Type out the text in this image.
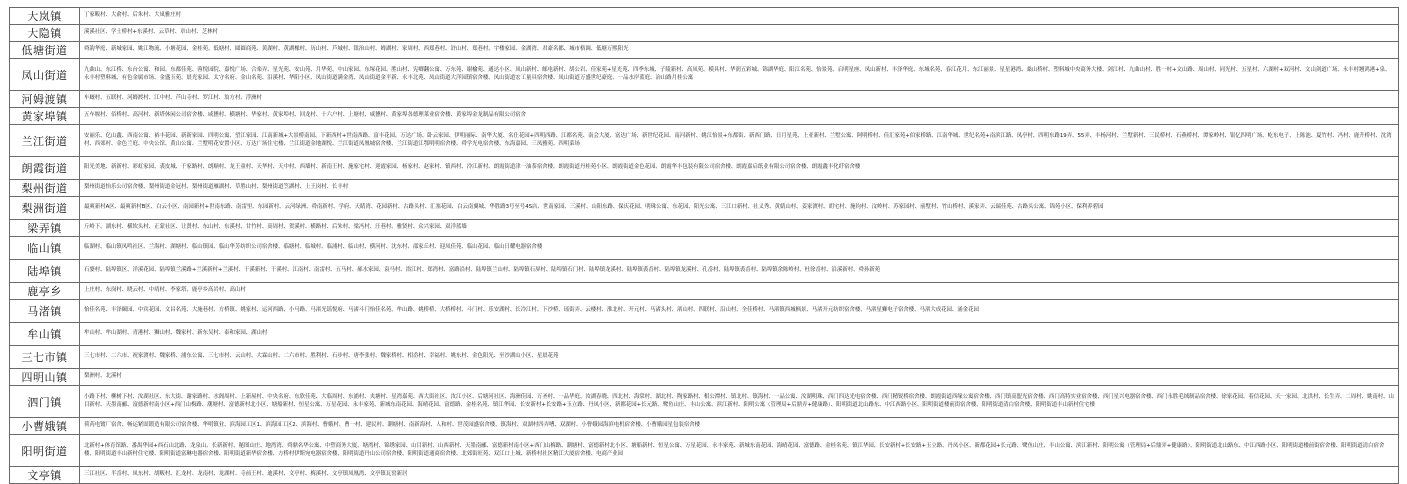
大岚镇	丁家畈村、大俞村、后朱村、大岚雅庄村
大隐镇	溪溪社区、学士桥村+东溪村、云草村、章山村、芝林村
低塘街道	舜韵华庭、新城家园、姚江物流、小塘花园、金桂苑、低塘村、圆圆商苑、黄湖村、黄湖橡村、历山村、芦城村、银治山村、姆湖村、家周村、西郑巷村、浒山村、郑巷村、宇楼家园、金湖湾、君豪名都、城市格调、低塘万熙阳光
凤山街道	九曲山、东江桥、东台公寓、和园、东都佳苑、蓉悦园院、嘉悦广场、合楽弄、星光苑、安山苑、月华苑、中山家园、东塚花园、胜山村、宪卿翻公寓、万东苑、谢榆苑、通达小区、凤山新村、邮电新村、胡公岩、佳家苑+星光苑、四季东城、子陵新村、高凤苑、模具村、华润五彩城、锦湖华庭、阳江名苑、怡景苑、启明星座、凤山新村、丰泽华庭、东城名苑、春江花月、东江丽景、星星港湾、桑山桥村、塑料城中央商务大楼、剑江村、九曲山村、胜一村+文山路、周山村、同光村、五星村、六湖村+双河村、文山剑道广场、永丰村翘鸿港+泉、永丰村塑料城、有色金属市场、金盛玉苑、晨光家园、太守名府、金山名苑、沿溪村、华阳小区、凤山街道满金湾、凤山街道金平新、永丰北苑、凤山街道大洋园镇宿舍楼、凤山街道宏工量具宿舍楼、凤山街道万盛世纪豪庭、一品水岸蓝庭、冶山路月桂公寓
河姆渡镇	车厩村、五联村、河姆渡村、江中村、芦山寺村、罗江村、翁方村、浮洲村
黄家埠镇	五车堰村、佰桥村、高河村、新塔休闲公司宿舍楼、咸獯村、横塘村、华家村、黄家埠村、回龙村、十六户村、上塘村、咸獯村、黄家埠各德理莱业宿舍楼、黄家埠金龙制品有限公司宿舍
兰江街道	安丽乐、亿山鑫、西南公寓、裕丰花园、新新家园、四明公寓、望江家园、江南新城+大景桥南园、下新西村+世南西路、富丰花园、万达广场、卧云家园、伊明丽际、南华大厦、名仕花园+四明西路、江都名苑、南会大厦、富达广场、新世纪花园、南河新村、姚江怡景+东都街、新西门路、日月星苑、上亚新村、兰墅公寓、阿明桥村、佳汇家苑+伯家桥路、江南华城、世纪名苑+南滨江路、凤亭村、四明东路19弄、55弄、丰杨河村、兰墅新村、三民桥村、石燕桥村、谭家岭村、银亿四明广场、屹东电子、上陈池、夏竹村、冯村、鹿升桥村、沈湾村、西郊村、金色兰庭、中央公馆、黄山公寓、兰墅明花安置小区、万达广场住宅楼、兰江街道金地湖悦、兰江街道凤凰城宿舍楼、兰江街道江鄂明明宿舍楼、舜学光电宿舍楼、东海嘉园、三凤雅苑、四明菜场
朗霞街道	阳光美地、新新村、彩虹家园、裘皮城、千家路村、朗顺村、龙王童村、天华村、天中村、西墙村、新南王村、施家宅村、迎霞家园、杨家村、赵家村、镇西村、泠江新村、朗霞街道津一油茶宿舍楼、朗霞街道丹桂苑小区、朗霞街道金色花园、朗霞华丰包装有限公司宿舍楼、朗霞嘉启纸业有限公司宿舍楼、朗霞鑫丰化纤宿舍楼
梨州街道	梨州街道怡乐公司宿舍楼、梨州街道金冠村、梨州街道雁湖村、草胜山村、梨州街道笠湖村、上王岗村、长丰村
梨洲街道	最爽新村A区、最爽新村B区、白云小区、南园新村+世南东路、南雷里、东园新村、云河绿洲、舜南新村、学府、天睛湾、花园新村、古路头村、汇塞花园、白云南翼城、华胜路3号至号4S店、世南家园、三溪村、山阳东路、保庆花园、明珠公寓、东花园、阳光公寓、三江口新村、社义秀、黄婧山村、姜家渡村、胡宅村、施钧村、汶岭村、苏家园村、前墅村、竹山桥村、溪家弄、云瑞佳苑、古路头公寓、锦苑小区、保利养碧园
梁弄镇	斤岭下、湖东村、横坎头村、正蒙社区、让贤村、东山村、东溪村、甘竹村、高周村、贺溪村、横路村、后朱村、梁冯村、汪巷村、雅贤村、众兴家园、双洋蓝墙
临山镇	临湖村、临山镇凤鸣社区、兰海村、湖塘村、临山镇园、临山华芳纺织公司宿舍楼、临塘村、临城村、临浦村、临山村、横河村、沈东村、邵家丘村、迎凤佳苑、临山花园、临山日耀电器宿舍楼
陆埠镇	石婆村、陆埠镇区、洋溪花园、陆埠镇兰溪路+兰溪新村+兰溪村、干溪新村、干溪村、江南村、南雷村、五马村、郝水家园、袁马村、浴江村、郑湾村、富路沿村、陆埠镇兰山村、陆埠镇石屏村、陆埠镇石门村、陆埠镇龙溪村、陆埠镇裘岙村、陆埠镇龙溪村、孔岙村、陆埠镇裘岙村、陆埠镇余陈岭村、杜徐岙村、沿溪新村、舜孙新苑
鹿亭乡	上庄村、东岗村、晓云村、中靖村、李家塔、鹿亭乡高岩村、高山村
马渚镇	怡佳名苑、丰泽颐园、中宾花园、文昌名苑、大施巷村、方桥镇、姚家村、运河西路、小马路、马渚光谣悦府、马渚斗门怡佳名苑、牟山路、姚桥桥、大桥桥村、斗门村、乐安湖村、长冷江村、下沙桥、瑶街弄、云楼村、淮北村、开元村、马渚头村、渚山村、四联村、沿山村、全佳桥村、马渚镇西城枫景、马渚开元纺织宿舍楼、马渚星狮电子宿舍楼、马渚大成花园、涌金花园
牟山镇	牟山村、牟山湖村、青港村、狮山村、魏家村、新东吴村、泰和家园、湖山村
三七市镇	三七市村、二六市、祝家渡村、魏家桥、浦东公寓、三七市村、云山村、大霖山村、二六市村、胜利村、石步村、唐李张村、魏家桥村、相岙村、幸福村、姚东村、金色阳光、至沙湖山小区、星晨花苑
四明山镇	梨洲村、北溪村
泗门镇	小路下村、柳树下村、汝湖社区、东大街、谢家路村、水阁周村、上新屋村、中央名府、东欣佳苑、大临周村、东浦村、夹塘村、星湾嘉苑、西大街社区、汝江小区、后塘河社区、海洲佳园、万圣村、一品华庭、汝湖春晓、四北村、海棠村、湖北村、陶家路村、相公潭村、镇北村、镇海村、一品公寓、汝湖明珠、西门四达光电宿舍楼、西门精锐桥宿舍楼、朗霞街道西缘公寓宿舍楼、西门镇高盟光宿舍楼、西门高特实业宿舍楼、西门星兴电器宿舍楼、西门永胜毛绒制品宿舍楼、徐家花园、着信花园、天一家园、北洪村、长生弄、二周村、姚南村、山目新村、天墨南郦、富德新村南小区+西门山梅路、潮塘村、富德新村北小区、塘船新村、恒星公寓、万星花园、永丰家苑、新城东南花园、海晴花园、富德路、金桂名苑、镇江华园、长安新村+长安路+玉立路、丹凤小区、新都花园+长元路、鹭鱼山庄、丰山公寓、滨江新村、阳明公寓（管理局+后鼎弄+健康路）、阳明街道北山路东、中江西路小区、阳明街道楼前街宿舍楼、阳明街道清白宿舍楼、阳明街道丰山新村住宅楼
小曹娥镇	荷芮电镀厂宿舍、畅运紧固锻造有限公司宿舍楼、华明镇业、滨海园工区1、滨海园工区2、滨海村、曹娥村、曹一村、建民村、潮塘村、南新海村、人和村、世茂园盛宿舍楼、镇海村、双湖村四弄嘈、双湖村、小曹娥园海滨电机宿舍楼、小曹娥园星包装宿舍楼
阳明街道	北新村+体育馆路、番禺华园+西石山北路、龙泉山、长新新村、秘图山庄、地湾湾、舜鼎名华公寓、中塑商务大厦、塘湾村、锦绣家园、山目新村、山西新村、天墨南郦、富德新村南小区+西门山梅路、潮塘村、富德新村北小区、塘船新村、恒星公寓、万星花园、永丰家苑、新城东南花园、海晴花园、富德路、金桂名苑、镇江华园、长安新村+长安路+玉立路、丹凤小区、新都花园+长元路、鹭鱼山庄、丰山公寓、滨江新村、阳明公寓（管理局+后鼎弄+健康路）、阳明街道北山路东、中江西路小区、阳明街道楼前街宿舍楼、阳明街道清白宿舍楼、阳明街道丰山新村住宅楼、阳明街道富琳电器宿舍楼、阳明街道新华宿舍楼、方桥村伊斯宛电器宿舍楼、阳明街道丹山公司宿舍楼、阳明街道通商宿舍楼、北郊街旺苑、双江口上城、新桥村社区精江大厦宿舍楼、电商产业园
文亭镇	三江社区、半岙村、凤东村、胡畈村、汇龙村、龙南村、龙湖村、寺前王村、迪溪村、文亭村、梅溪村、文亭镇凤凰湾、文亭镇瓦窑新居
